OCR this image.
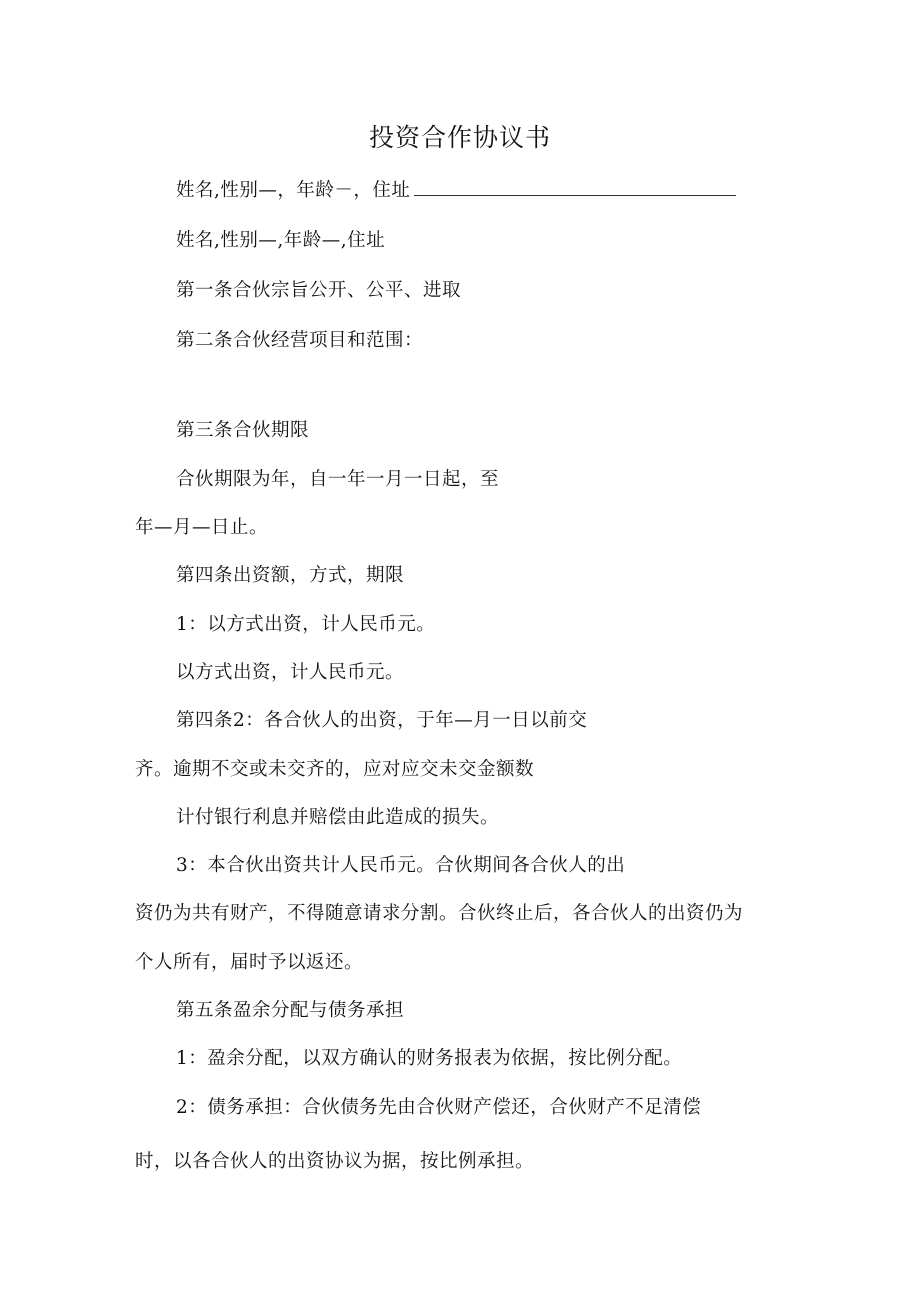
投资合作协议书

姓名,性别—，年龄－，住址

姓名,性别—,年龄—,住址

第一条合伙宗旨公开、公平、进取

第二条合伙经营项目和范围：

第三条合伙期限

合伙期限为年，自一年一月一日起，至

年—月—日止。

第四条出资额，方式，期限

1：以方式出资，计人民币元。

以方式出资，计人民币元。

第四条2：各合伙人的出资，于年—月一日以前交

齐。逾期不交或未交齐的，应对应交未交金额数

计付银行利息并赔偿由此造成的损失。

3：本合伙出资共计人民币元。合伙期间各合伙人的出

资仍为共有财产，不得随意请求分割。合伙终止后，各合伙人的出资仍为

个人所有，届时予以返还。

第五条盈余分配与债务承担

1：盈余分配，以双方确认的财务报表为依据，按比例分配。

2：债务承担：合伙债务先由合伙财产偿还，合伙财产不足清偿

时，以各合伙人的出资协议为据，按比例承担。
